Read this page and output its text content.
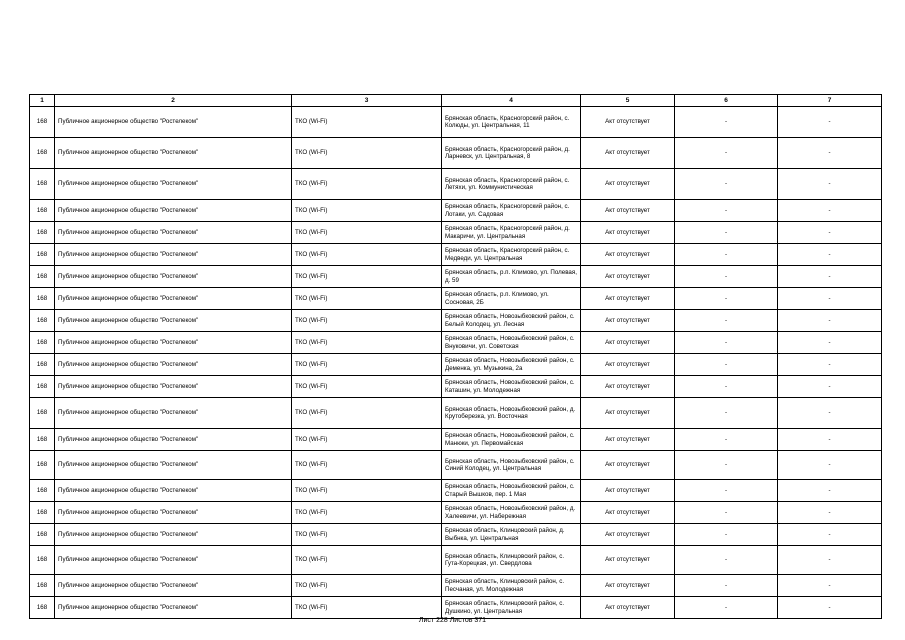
1	2	3	4	5	6	7
168	Публичное акционерное общество "Ростелеком"	ТКО (Wi-Fi)	Брянская область, Красногорский район, с. Колюды, ул. Центральная, 11	Акт отсутствует	-	-
168	Публичное акционерное общество "Ростелеком"	ТКО (Wi-Fi)	Брянская область, Красногорский район, д. Ларневск, ул. Центральная, 8	Акт отсутствует	-	-
168	Публичное акционерное общество "Ростелеком"	ТКО (Wi-Fi)	Брянская область, Красногорский район, с. Летяхи, ул. Коммунистическая	Акт отсутствует	-	-
168	Публичное акционерное общество "Ростелеком"	ТКО (Wi-Fi)	Брянская область, Красногорский район, с. Лотаки, ул. Садовая	Акт отсутствует	-	-
168	Публичное акционерное общество "Ростелеком"	ТКО (Wi-Fi)	Брянская область, Красногорский район, д. Макаричи, ул. Центральная	Акт отсутствует	-	-
168	Публичное акционерное общество "Ростелеком"	ТКО (Wi-Fi)	Брянская область, Красногорский район, с. Медведи, ул. Центральная	Акт отсутствует	-	-
168	Публичное акционерное общество "Ростелеком"	ТКО (Wi-Fi)	Брянская область, р.п. Климово, ул. Полевая, д. 59	Акт отсутствует	-	-
168	Публичное акционерное общество "Ростелеком"	ТКО (Wi-Fi)	Брянская область, р.п. Климово, ул. Сосновая, 2Б	Акт отсутствует	-	-
168	Публичное акционерное общество "Ростелеком"	ТКО (Wi-Fi)	Брянская область, Новозыбковский район, с. Белый Колодец, ул. Лесная	Акт отсутствует	-	-
168	Публичное акционерное общество "Ростелеком"	ТКО (Wi-Fi)	Брянская область, Новозыбковский район, с. Внуковичи, ул. Советская	Акт отсутствует	-	-
168	Публичное акционерное общество "Ростелеком"	ТКО (Wi-Fi)	Брянская область, Новозыбковский район, с. Деменка, ул. Музыкина, 2а	Акт отсутствует	-	-
168	Публичное акционерное общество "Ростелеком"	ТКО (Wi-Fi)	Брянская область, Новозыбковский район, с. Каташин, ул. Молодежная	Акт отсутствует	-	-
168	Публичное акционерное общество "Ростелеком"	ТКО (Wi-Fi)	Брянская область, Новозыбковский район, д. Крутоберезка, ул. Восточная	Акт отсутствует	-	-
168	Публичное акционерное общество "Ростелеком"	ТКО (Wi-Fi)	Брянская область, Новозыбковский район, с. Манюки, ул. Первомайская	Акт отсутствует	-	-
168	Публичное акционерное общество "Ростелеком"	ТКО (Wi-Fi)	Брянская область, Новозыбковский район, с. Синий Колодец, ул. Центральная	Акт отсутствует	-	-
168	Публичное акционерное общество "Ростелеком"	ТКО (Wi-Fi)	Брянская область, Новозыбковский район, с. Старый Вышков, пер. 1 Мая	Акт отсутствует	-	-
168	Публичное акционерное общество "Ростелеком"	ТКО (Wi-Fi)	Брянская область, Новозыбковский район, д. Халеевичи, ул. Набережная	Акт отсутствует	-	-
168	Публичное акционерное общество "Ростелеком"	ТКО (Wi-Fi)	Брянская область, Клинцовский район, д. Выбнка, ул. Центральная	Акт отсутствует	-	-
168	Публичное акционерное общество "Ростелеком"	ТКО (Wi-Fi)	Брянская область, Клинцовский район, с. Гута-Корецкая, ул. Свердлова	Акт отсутствует	-	-
168	Публичное акционерное общество "Ростелеком"	ТКО (Wi-Fi)	Брянская область, Клинцовский район, с. Песчаная, ул. Молодежная	Акт отсутствует	-	-
168	Публичное акционерное общество "Ростелеком"	ТКО (Wi-Fi)	Брянская область, Клинцовский район, с. Душкино, ул. Центральная	Акт отсутствует	-	-
Лист 228 Листов 371
